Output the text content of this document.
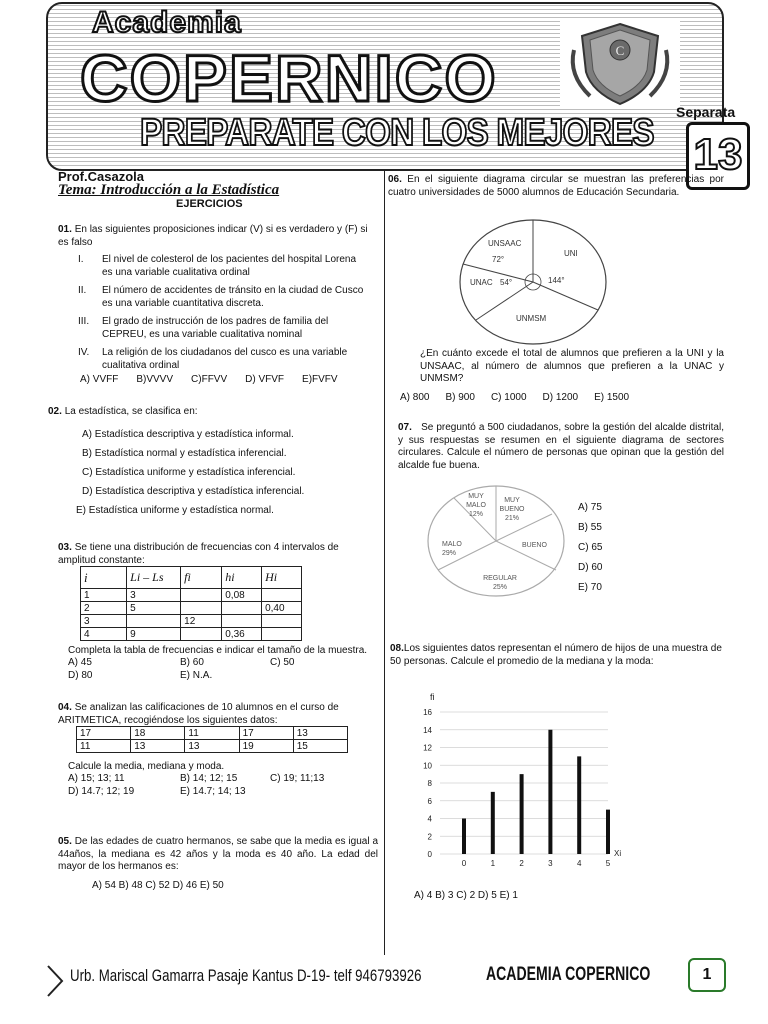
Academia
COPERNICO	C
PREPARATE CON LOS MEJORES Separata
13
Prof.Casazola
Tema: Introducción a la Estadística
EJERCICIOS
01. En las siguientes proposiciones indicar (V) si es verdadero y (F) si es falso
I.	El nivel de colesterol de los pacientes del hospital Lorena es una variable cualitativa ordinal
II.	El número de accidentes de tránsito en la ciudad de Cusco es una variable cuantitativa discreta.
III.	El grado de instrucción de los padres de familia del CEPREU, es una variable cualitativa nominal
IV.	La religión de los ciudadanos del cusco es una variable cualitativa ordinal
A) VVFF B)VVVV C)FFVV D) VFVF E)FVFV
02. La estadística, se clasifica en:
A) Estadística descriptiva y estadística informal.
B) Estadística normal y estadística inferencial.
C) Estadística uniforme y estadística inferencial.
D) Estadística descriptiva y estadística inferencial.
E) Estadística uniforme y estadística normal.
03. Se tiene una distribución de frecuencias con 4 intervalos de amplitud constante:
i	Li – Ls	fi	hi	Hi
1	3		0,08	
2	5			0,40
3		12		
4	9		0,36	
Completa la tabla de frecuencias e indicar el tamaño de la muestra.
A) 45	B) 60	C) 50
D) 80	E) N.A.
04. Se analizan las calificaciones de 10 alumnos en el curso de ARITMETICA, recogiéndose los siguientes datos:
17	18	11	17	13
11	13	13	19	15
Calcule la media, mediana y moda.
A) 15; 13; 11	B) 14; 12; 15	C) 19; 11;13
D) 14.7; 12; 19	E) 14.7; 14; 13
05. De las edades de cuatro hermanos, se sabe que la media es igual a 44años, la mediana es 42 años y la moda es 40 año. La edad del mayor de los hermanos es:
A) 54 B) 48 C) 52 D) 46 E) 50
06. En el siguiente diagrama circular se muestran las preferencias por cuatro universidades de 5000 alumnos de Educación Secundaria.
UNSAAC
UNI
UNAC
UNMSM
72°
144°
54°
¿En cuánto excede el total de alumnos que prefieren a la UNI y la UNSAAC, al número de alumnos que prefieren a la UNAC y UNMSM?
A) 800 B) 900 C) 1000 D) 1200 E) 1500
07. Se preguntó a 500 ciudadanos, sobre la gestión del alcalde distrital, y sus respuestas se resumen en el siguiente diagrama de sectores circulares. Calcule el número de personas que opinan que la gestión del alcalde fue buena.
MUY
MALO
12%
MUY
BUENO
21%
MALO
29%
BUENO
REGULAR
25%
A) 75
B) 55
C) 65
D) 60
E) 70
08.Los siguientes datos representan el número de hijos de una muestra de 50 personas. Calcule el promedio de la mediana y la moda:
fi
0
2
4
6
8
10
12
14
16
0	1	2	3	4	5
Xi
A) 4 B) 3 C) 2 D) 5 E) 1
Urb. Mariscal Gamarra Pasaje Kantus D-19- telf 946793926	ACADEMIA COPERNICO	1
